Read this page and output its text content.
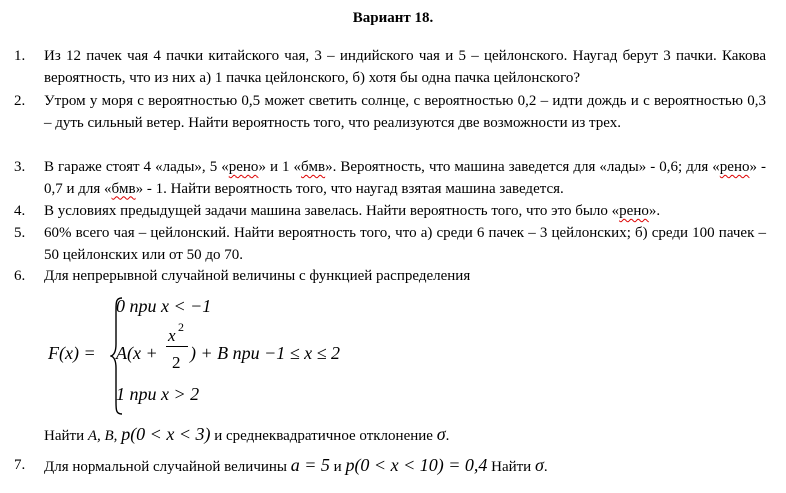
Вариант 18.
1. Из 12 пачек чая 4 пачки китайского чая, 3 – индийского чая и 5 – цейлонского. Наугад берут 3 пачки. Какова вероятность, что из них а) 1 пачка цейлонского, б) хотя бы одна пачка цейлонского?
2. Утром у моря с вероятностью 0,5 может светить солнце, с вероятностью 0,2 – идти дождь и с вероятностью 0,3 – дуть сильный ветер. Найти вероятность того, что реализуются две возможности из трех.
3. В гараже стоят 4 «лады», 5 «рено» и 1 «бмв». Вероятность, что машина заведется для «лады» - 0,6; для «рено» - 0,7 и для «бмв» - 1. Найти вероятность того, что наугад взятая машина заведется.
4. В условиях предыдущей задачи машина завелась. Найти вероятность того, что это было «рено».
5. 60% всего чая – цейлонский. Найти вероятность того, что а) среди 6 пачек – 3 цейлонских; б) среди 100 пачек – 50 цейлонских или от 50 до 70.
6. Для непрерывной случайной величины с функцией распределения
F(x) =
0 при x < −1
A(x +
x 2
2 ) + B при −1 ≤ x ≤ 2
1 при x > 2
Найти A, B, p(0 < x < 3) и среднеквадратичное отклонение σ.
7. Для нормальной случайной величины a = 5 и p(0 < x < 10) = 0,4 Найти σ.
